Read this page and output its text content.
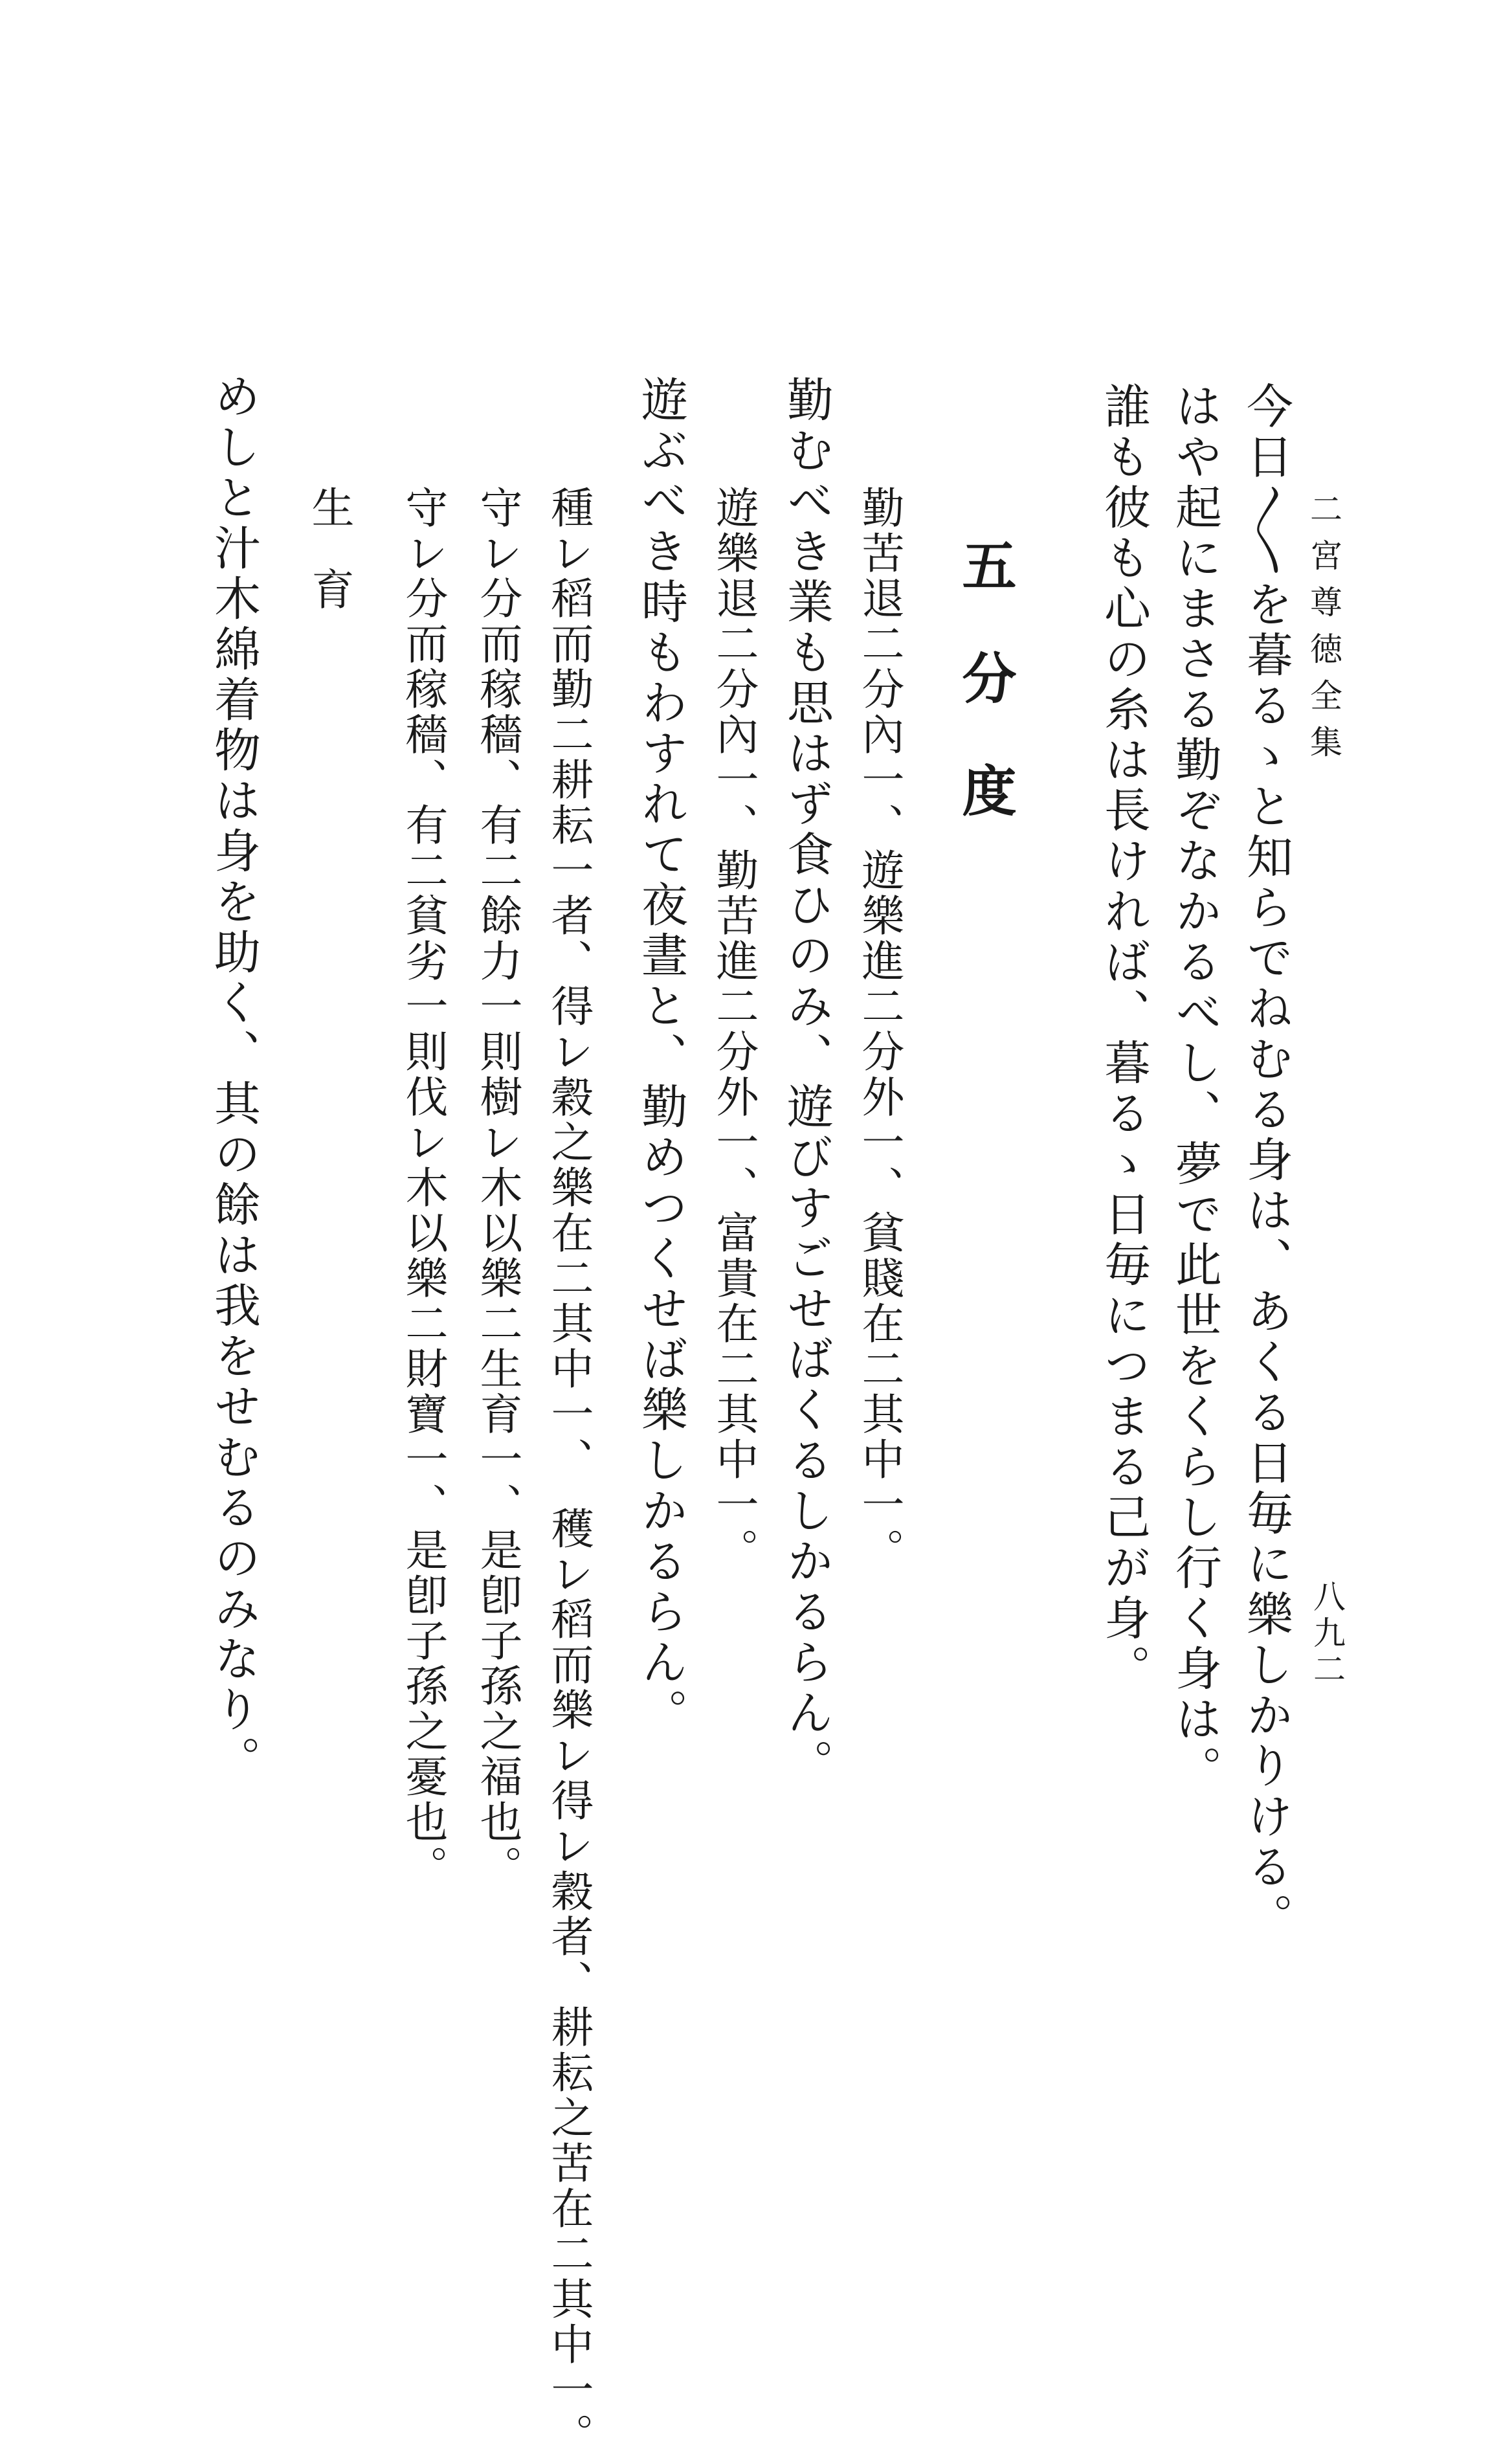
二宮尊徳全集
八九二
今日〳〵を暮るゝと知らでねむる身は、あくる日毎に樂しかりける。
はや起にまさる勤ぞなかるべし、夢で此世をくらし行く身は。
誰も彼も心の糸は長ければ、暮るゝ日毎につまる己が身。
五分度
勤苦退二分內一、遊樂進二分外一、貧賤在二其中一。
勤むべき業も思はず食ひのみ、遊びすごせばくるしかるらん。
遊樂退二分內一、勤苦進二分外一、富貴在二其中一。
遊ぶべき時もわすれて夜晝と、勤めつくせば樂しかるらん。
種レ稻而勤二耕耘一者、得レ穀之樂在二其中一、　穫レ稻而樂レ得レ穀者、耕耘之苦在二其中一。
守レ分而稼穡、有二餘力一則樹レ木以樂二生育一、是卽子孫之福也。
守レ分而稼穡、有二貧劣一則伐レ木以樂二財寶一、是卽子孫之憂也。
生育
めしと汁木綿着物は身を助く、其の餘は我をせむるのみなり。
